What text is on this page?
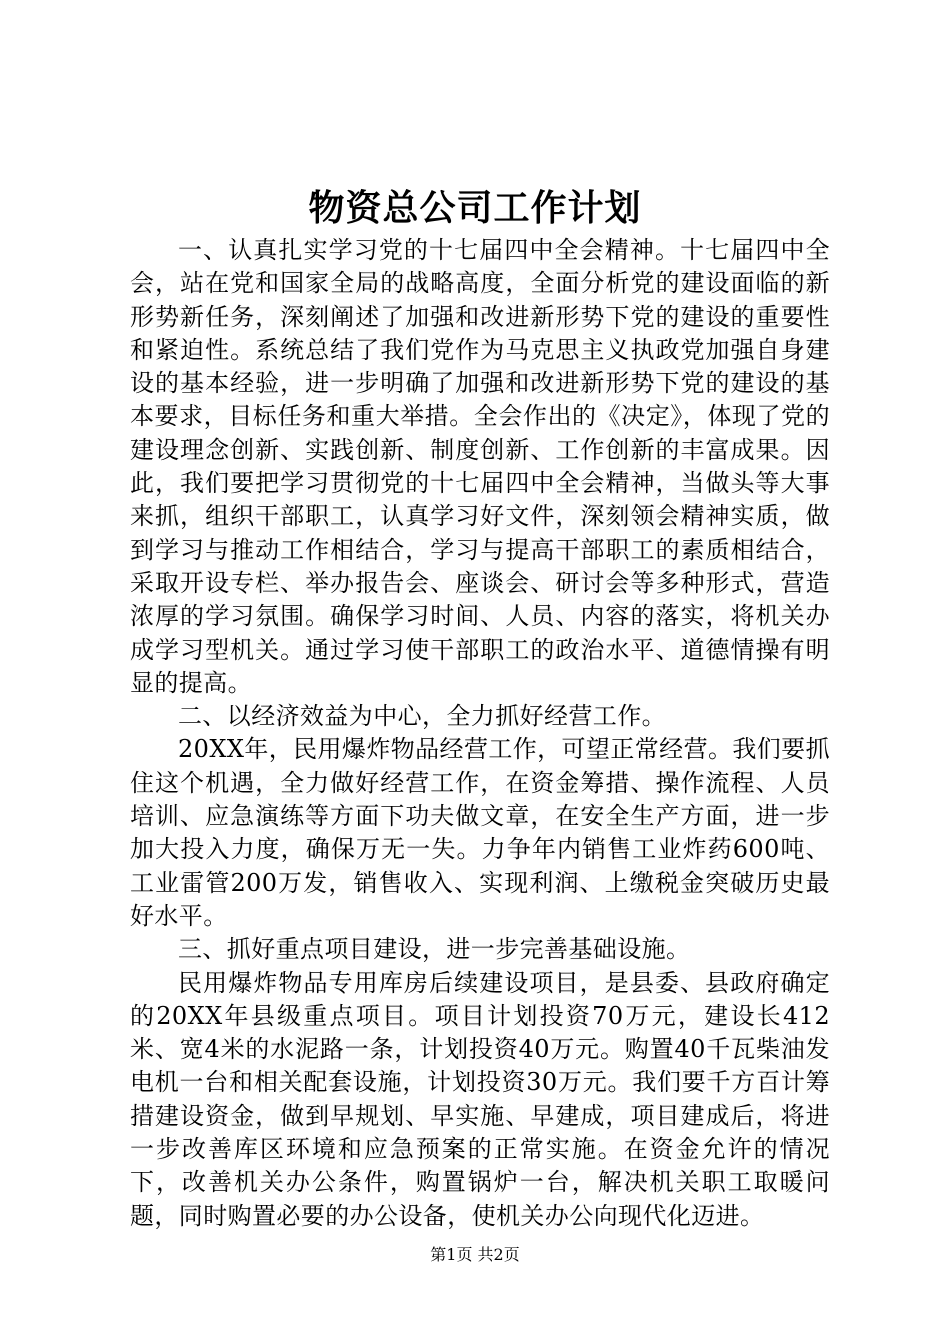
物资总公司工作计划

一、认真扎实学习党的十七届四中全会精神。十七届四中全会，站在党和国家全局的战略高度，全面分析党的建设面临的新形势新任务，深刻阐述了加强和改进新形势下党的建设的重要性和紧迫性。系统总结了我们党作为马克思主义执政党加强自身建设的基本经验，进一步明确了加强和改进新形势下党的建设的基本要求，目标任务和重大举措。全会作出的《决定》，体现了党的建设理念创新、实践创新、制度创新、工作创新的丰富成果。因此，我们要把学习贯彻党的十七届四中全会精神，当做头等大事来抓，组织干部职工，认真学习好文件，深刻领会精神实质，做到学习与推动工作相结合，学习与提高干部职工的素质相结合，采取开设专栏、举办报告会、座谈会、研讨会等多种形式，营造浓厚的学习氛围。确保学习时间、人员、内容的落实，将机关办成学习型机关。通过学习使干部职工的政治水平、道德情操有明显的提高。

二、以经济效益为中心，全力抓好经营工作。

20XX年，民用爆炸物品经营工作，可望正常经营。我们要抓住这个机遇，全力做好经营工作，在资金筹措、操作流程、人员培训、应急演练等方面下功夫做文章，在安全生产方面，进一步加大投入力度，确保万无一失。力争年内销售工业炸药600吨、工业雷管200万发，销售收入、实现利润、上缴税金突破历史最好水平。

三、抓好重点项目建设，进一步完善基础设施。

民用爆炸物品专用库房后续建设项目，是县委、县政府确定的20XX年县级重点项目。项目计划投资70万元，建设长412米、宽4米的水泥路一条，计划投资40万元。购置40千瓦柴油发电机一台和相关配套设施，计划投资30万元。我们要千方百计筹措建设资金，做到早规划、早实施、早建成，项目建成后，将进一步改善库区环境和应急预案的正常实施。在资金允许的情况下，改善机关办公条件，购置锅炉一台，解决机关职工取暖问题，同时购置必要的办公设备，使机关办公向现代化迈进。

第1页 共2页
